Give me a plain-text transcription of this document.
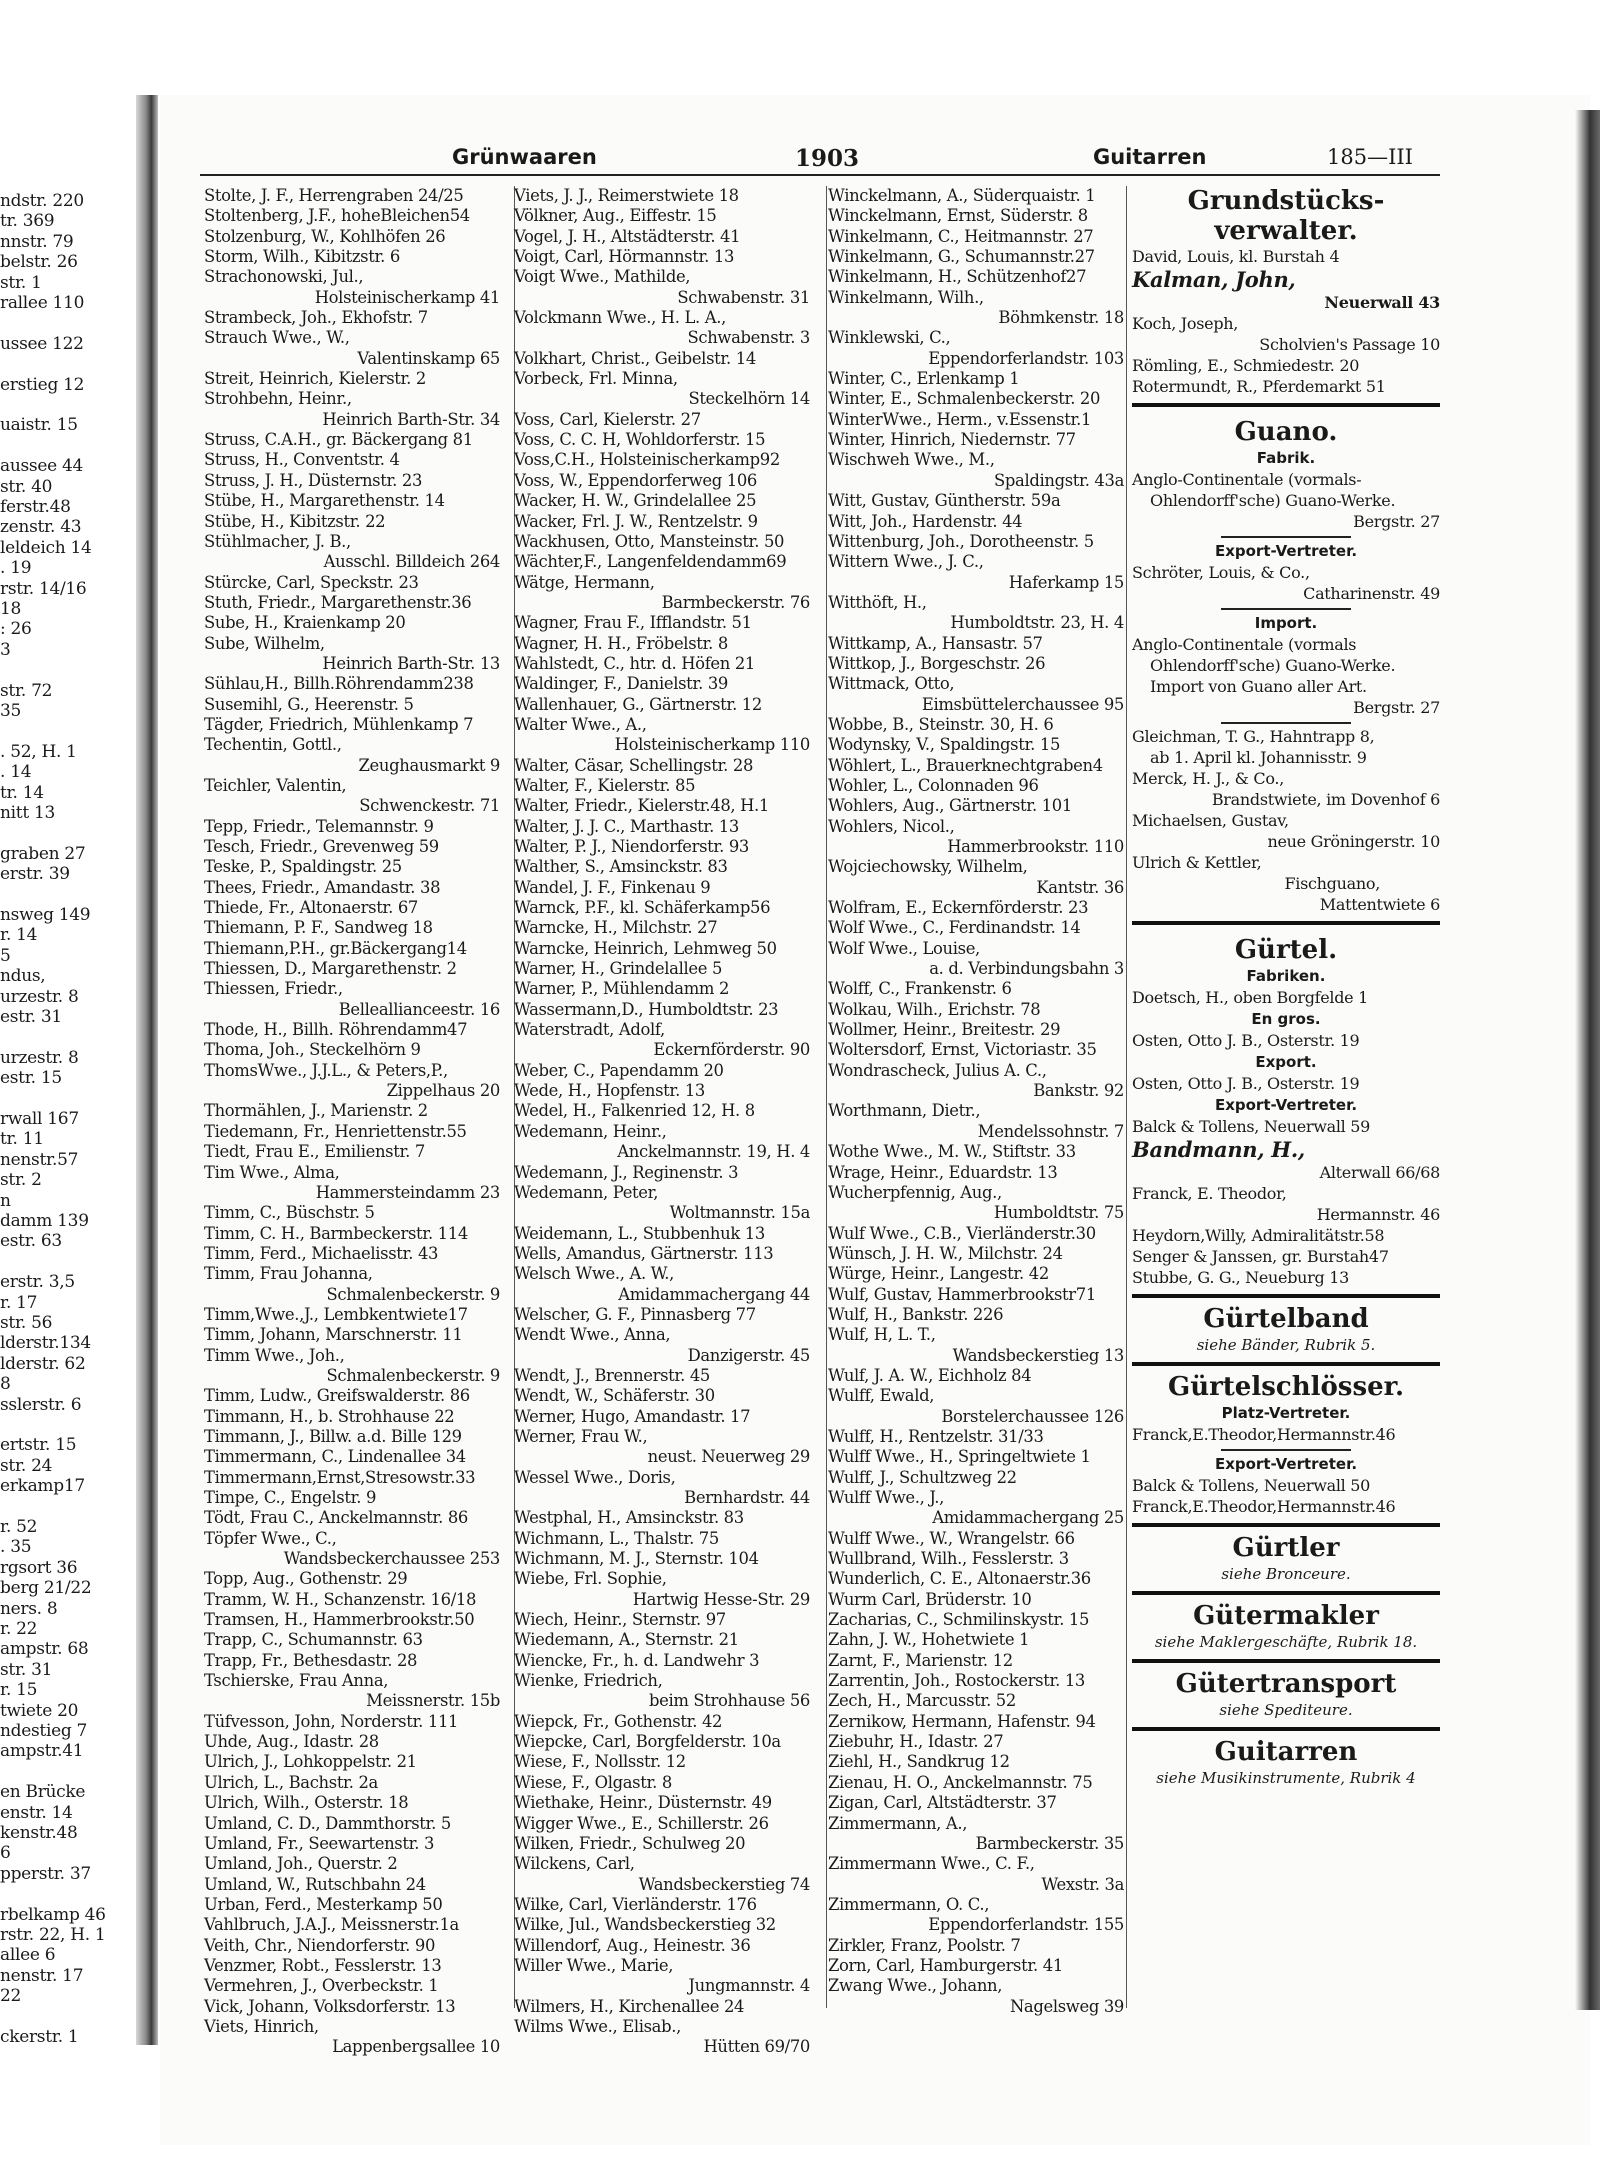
ndstr. 220
tr. 369
nnstr. 79
belstr. 26
str. 1
rallee 110
ussee 122
erstieg 12
uaistr. 15
aussee 44
str. 40
ferstr.48
zenstr. 43
leldeich 14
. 19
rstr. 14/16
18
: 26
3
str. 72
35
. 52, H. 1
. 14
tr. 14
nitt 13
graben 27
erstr. 39
nsweg 149
r. 14
5
ndus,
urzestr. 8
estr. 31
urzestr. 8
estr. 15
rwall 167
tr. 11
nenstr.57
str. 2
n
damm 139
estr. 63
erstr. 3,5
r. 17
str. 56
lderstr.134
lderstr. 62
8
sslerstr. 6
ertstr. 15
str. 24
erkamp17
r. 52
. 35
rgsort 36
berg 21/22
ners. 8
r. 22
ampstr. 68
str. 31
r. 15
twiete 20
ndestieg 7
ampstr.41
en Brücke
enstr. 14
kenstr.48
6
pperstr. 37
rbelkamp 46
rstr. 22, H. 1
allee 6
nenstr. 17
22
ckerstr. 1
Grünwaaren	1903	Guitarren	185—III
Stolte, J. F., Herrengraben 24/25
Stoltenberg, J.F., hoheBleichen54
Stolzenburg, W., Kohlhöfen 26
Storm, Wilh., Kibitzstr. 6
Strachonowski, Jul.,
Holsteinischerkamp 41
Strambeck, Joh., Ekhofstr. 7
Strauch Wwe., W.,
Valentinskamp 65
Streit, Heinrich, Kielerstr. 2
Strohbehn, Heinr.,
Heinrich Barth-Str. 34
Struss, C.A.H., gr. Bäckergang 81
Struss, H., Conventstr. 4
Struss, J. H., Düsternstr. 23
Stübe, H., Margarethenstr. 14
Stübe, H., Kibitzstr. 22
Stühlmacher, J. B.,
Ausschl. Billdeich 264
Stürcke, Carl, Speckstr. 23
Stuth, Friedr., Margarethenstr.36
Sube, H., Kraienkamp 20
Sube, Wilhelm,
Heinrich Barth-Str. 13
Sühlau,H., Billh.Röhrendamm238
Susemihl, G., Heerenstr. 5
Tägder, Friedrich, Mühlenkamp 7
Techentin, Gottl.,
Zeughausmarkt 9
Teichler, Valentin,
Schwenckestr. 71
Tepp, Friedr., Telemannstr. 9
Tesch, Friedr., Grevenweg 59
Teske, P., Spaldingstr. 25
Thees, Friedr., Amandastr. 38
Thiede, Fr., Altonaerstr. 67
Thiemann, P. F., Sandweg 18
Thiemann,P.H., gr.Bäckergang14
Thiessen, D., Margarethenstr. 2
Thiessen, Friedr.,
Belleallianceestr. 16
Thode, H., Billh. Röhrendamm47
Thoma, Joh., Steckelhörn 9
ThomsWwe., J.J.L., & Peters,P.,
Zippelhaus 20
Thormählen, J., Marienstr. 2
Tiedemann, Fr., Henriettenstr.55
Tiedt, Frau E., Emilienstr. 7
Tim Wwe., Alma,
Hammersteindamm 23
Timm, C., Büschstr. 5
Timm, C. H., Barmbeckerstr. 114
Timm, Ferd., Michaelisstr. 43
Timm, Frau Johanna,
Schmalenbeckerstr. 9
Timm,Wwe.,J., Lembkentwiete17
Timm, Johann, Marschnerstr. 11
Timm Wwe., Joh.,
Schmalenbeckerstr. 9
Timm, Ludw., Greifswalderstr. 86
Timmann, H., b. Strohhause 22
Timmann, J., Billw. a.d. Bille 129
Timmermann, C., Lindenallee 34
Timmermann,Ernst,Stresowstr.33
Timpe, C., Engelstr. 9
Tödt, Frau C., Anckelmannstr. 86
Töpfer Wwe., C.,
Wandsbeckerchaussee 253
Topp, Aug., Gothenstr. 29
Tramm, W. H., Schanzenstr. 16/18
Tramsen, H., Hammerbrookstr.50
Trapp, C., Schumannstr. 63
Trapp, Fr., Bethesdastr. 28
Tschierske, Frau Anna,
Meissnerstr. 15b
Tüfvesson, John, Norderstr. 111
Uhde, Aug., Idastr. 28
Ulrich, J., Lohkoppelstr. 21
Ulrich, L., Bachstr. 2a
Ulrich, Wilh., Osterstr. 18
Umland, C. D., Dammthorstr. 5
Umland, Fr., Seewartenstr. 3
Umland, Joh., Querstr. 2
Umland, W., Rutschbahn 24
Urban, Ferd., Mesterkamp 50
Vahlbruch, J.A.J., Meissnerstr.1a
Veith, Chr., Niendorferstr. 90
Venzmer, Robt., Fesslerstr. 13
Vermehren, J., Overbeckstr. 1
Vick, Johann, Volksdorferstr. 13
Viets, Hinrich,
Lappenbergsallee 10
Viets, J. J., Reimerstwiete 18
Völkner, Aug., Eiffestr. 15
Vogel, J. H., Altstädterstr. 41
Voigt, Carl, Hörmannstr. 13
Voigt Wwe., Mathilde,
Schwabenstr. 31
Volckmann Wwe., H. L. A.,
Schwabenstr. 3
Volkhart, Christ., Geibelstr. 14
Vorbeck, Frl. Minna,
Steckelhörn 14
Voss, Carl, Kielerstr. 27
Voss, C. C. H, Wohldorferstr. 15
Voss,C.H., Holsteinischerkamp92
Voss, W., Eppendorferweg 106
Wacker, H. W., Grindelallee 25
Wacker, Frl. J. W., Rentzelstr. 9
Wackhusen, Otto, Mansteinstr. 50
Wächter,F., Langenfeldendamm69
Wätge, Hermann,
Barmbeckerstr. 76
Wagner, Frau F., Ifflandstr. 51
Wagner, H. H., Fröbelstr. 8
Wahlstedt, C., htr. d. Höfen 21
Waldinger, F., Danielstr. 39
Wallenhauer, G., Gärtnerstr. 12
Walter Wwe., A.,
Holsteinischerkamp 110
Walter, Cäsar, Schellingstr. 28
Walter, F., Kielerstr. 85
Walter, Friedr., Kielerstr.48, H.1
Walter, J. J. C., Marthastr. 13
Walter, P. J., Niendorferstr. 93
Walther, S., Amsinckstr. 83
Wandel, J. F., Finkenau 9
Warnck, P.F., kl. Schäferkamp56
Warncke, H., Milchstr. 27
Warncke, Heinrich, Lehmweg 50
Warner, H., Grindelallee 5
Warner, P., Mühlendamm 2
Wassermann,D., Humboldtstr. 23
Waterstradt, Adolf,
Eckernförderstr. 90
Weber, C., Papendamm 20
Wede, H., Hopfenstr. 13
Wedel, H., Falkenried 12, H. 8
Wedemann, Heinr.,
Anckelmannstr. 19, H. 4
Wedemann, J., Reginenstr. 3
Wedemann, Peter,
Woltmannstr. 15a
Weidemann, L., Stubbenhuk 13
Wells, Amandus, Gärtnerstr. 113
Welsch Wwe., A. W.,
Amidammachergang 44
Welscher, G. F., Pinnasberg 77
Wendt Wwe., Anna,
Danzigerstr. 45
Wendt, J., Brennerstr. 45
Wendt, W., Schäferstr. 30
Werner, Hugo, Amandastr. 17
Werner, Frau W.,
neust. Neuerweg 29
Wessel Wwe., Doris,
Bernhardstr. 44
Westphal, H., Amsinckstr. 83
Wichmann, L., Thalstr. 75
Wichmann, M. J., Sternstr. 104
Wiebe, Frl. Sophie,
Hartwig Hesse-Str. 29
Wiech, Heinr., Sternstr. 97
Wiedemann, A., Sternstr. 21
Wiencke, Fr., h. d. Landwehr 3
Wienke, Friedrich,
beim Strohhause 56
Wiepck, Fr., Gothenstr. 42
Wiepcke, Carl, Borgfelderstr. 10a
Wiese, F., Nollsstr. 12
Wiese, F., Olgastr. 8
Wiethake, Heinr., Düsternstr. 49
Wigger Wwe., E., Schillerstr. 26
Wilken, Friedr., Schulweg 20
Wilckens, Carl,
Wandsbeckerstieg 74
Wilke, Carl, Vierländerstr. 176
Wilke, Jul., Wandsbeckerstieg 32
Willendorf, Aug., Heinestr. 36
Willer Wwe., Marie,
Jungmannstr. 4
Wilmers, H., Kirchenallee 24
Wilms Wwe., Elisab.,
Hütten 69/70
Winckelmann, A., Süderquaistr. 1
Winckelmann, Ernst, Süderstr. 8
Winkelmann, C., Heitmannstr. 27
Winkelmann, G., Schumannstr.27
Winkelmann, H., Schützenhof27
Winkelmann, Wilh.,
Böhmkenstr. 18
Winklewski, C.,
Eppendorferlandstr. 103
Winter, C., Erlenkamp 1
Winter, E., Schmalenbeckerstr. 20
WinterWwe., Herm., v.Essenstr.1
Winter, Hinrich, Niedernstr. 77
Wischweh Wwe., M.,
Spaldingstr. 43a
Witt, Gustav, Güntherstr. 59a
Witt, Joh., Hardenstr. 44
Wittenburg, Joh., Dorotheenstr. 5
Wittern Wwe., J. C.,
Haferkamp 15
Witthöft, H.,
Humboldtstr. 23, H. 4
Wittkamp, A., Hansastr. 57
Wittkop, J., Borgeschstr. 26
Wittmack, Otto,
Eimsbüttelerchaussee 95
Wobbe, B., Steinstr. 30, H. 6
Wodynsky, V., Spaldingstr. 15
Wöhlert, L., Brauerknechtgraben4
Wohler, L., Colonnaden 96
Wohlers, Aug., Gärtnerstr. 101
Wohlers, Nicol.,
Hammerbrookstr. 110
Wojciechowsky, Wilhelm,
Kantstr. 36
Wolfram, E., Eckernförderstr. 23
Wolf Wwe., C., Ferdinandstr. 14
Wolf Wwe., Louise,
a. d. Verbindungsbahn 3
Wolff, C., Frankenstr. 6
Wolkau, Wilh., Erichstr. 78
Wollmer, Heinr., Breitestr. 29
Woltersdorf, Ernst, Victoriastr. 35
Wondrascheck, Julius A. C.,
Bankstr. 92
Worthmann, Dietr.,
Mendelssohnstr. 7
Wothe Wwe., M. W., Stiftstr. 33
Wrage, Heinr., Eduardstr. 13
Wucherpfennig, Aug.,
Humboldtstr. 75
Wulf Wwe., C.B., Vierländerstr.30
Wünsch, J. H. W., Milchstr. 24
Würge, Heinr., Langestr. 42
Wulf, Gustav, Hammerbrookstr71
Wulf, H., Bankstr. 226
Wulf, H, L. T.,
Wandsbeckerstieg 13
Wulf, J. A. W., Eichholz 84
Wulff, Ewald,
Borstelerchaussee 126
Wulff, H., Rentzelstr. 31/33
Wulff Wwe., H., Springeltwiete 1
Wulff, J., Schultzweg 22
Wulff Wwe., J.,
Amidammachergang 25
Wulff Wwe., W., Wrangelstr. 66
Wullbrand, Wilh., Fesslerstr. 3
Wunderlich, C. E., Altonaerstr.36
Wurm Carl, Brüderstr. 10
Zacharias, C., Schmilinskystr. 15
Zahn, J. W., Hohetwiete 1
Zarnt, F., Marienstr. 12
Zarrentin, Joh., Rostockerstr. 13
Zech, H., Marcusstr. 52
Zernikow, Hermann, Hafenstr. 94
Ziebuhr, H., Idastr. 27
Ziehl, H., Sandkrug 12
Zienau, H. O., Anckelmannstr. 75
Zigan, Carl, Altstädterstr. 37
Zimmermann, A.,
Barmbeckerstr. 35
Zimmermann Wwe., C. F.,
Wexstr. 3a
Zimmermann, O. C.,
Eppendorferlandstr. 155
Zirkler, Franz, Poolstr. 7
Zorn, Carl, Hamburgerstr. 41
Zwang Wwe., Johann,
Nagelsweg 39
Grundstücks-
verwalter.
David, Louis, kl. Burstah 4
Kalman, John,
Neuerwall 43
Koch, Joseph,
Scholvien's Passage 10
Römling, E., Schmiedestr. 20
Rotermundt, R., Pferdemarkt 51
Guano.
Fabrik.
Anglo-Continentale (vormals-
Ohlendorff'sche) Guano-Werke.
Bergstr. 27
Export-Vertreter.
Schröter, Louis, & Co.,
Catharinenstr. 49
Import.
Anglo-Continentale (vormals
Ohlendorff'sche) Guano-Werke.
Import von Guano aller Art.
Bergstr. 27
Gleichman, T. G., Hahntrapp 8,
ab 1. April kl. Johannisstr. 9
Merck, H. J., & Co.,
Brandstwiete, im Dovenhof 6
Michaelsen, Gustav,
neue Gröningerstr. 10
Ulrich & Kettler,
Fischguano,
Mattentwiete 6
Gürtel.
Fabriken.
Doetsch, H., oben Borgfelde 1
En gros.
Osten, Otto J. B., Osterstr. 19
Export.
Osten, Otto J. B., Osterstr. 19
Export-Vertreter.
Balck & Tollens, Neuerwall 59
Bandmann, H.,
Alterwall 66/68
Franck, E. Theodor,
Hermannstr. 46
Heydorn,Willy, Admiralitätstr.58
Senger & Janssen, gr. Burstah47
Stubbe, G. G., Neueburg 13
Gürtelband
siehe Bänder, Rubrik 5.
Gürtelschlösser.
Platz-Vertreter.
Franck,E.Theodor,Hermannstr.46
Export-Vertreter.
Balck & Tollens, Neuerwall 50
Franck,E.Theodor,Hermannstr.46
Gürtler
siehe Bronceure.
Gütermakler
siehe Maklergeschäfte, Rubrik 18.
Gütertransport
siehe Spediteure.
Guitarren
siehe Musikinstrumente, Rubrik 4
